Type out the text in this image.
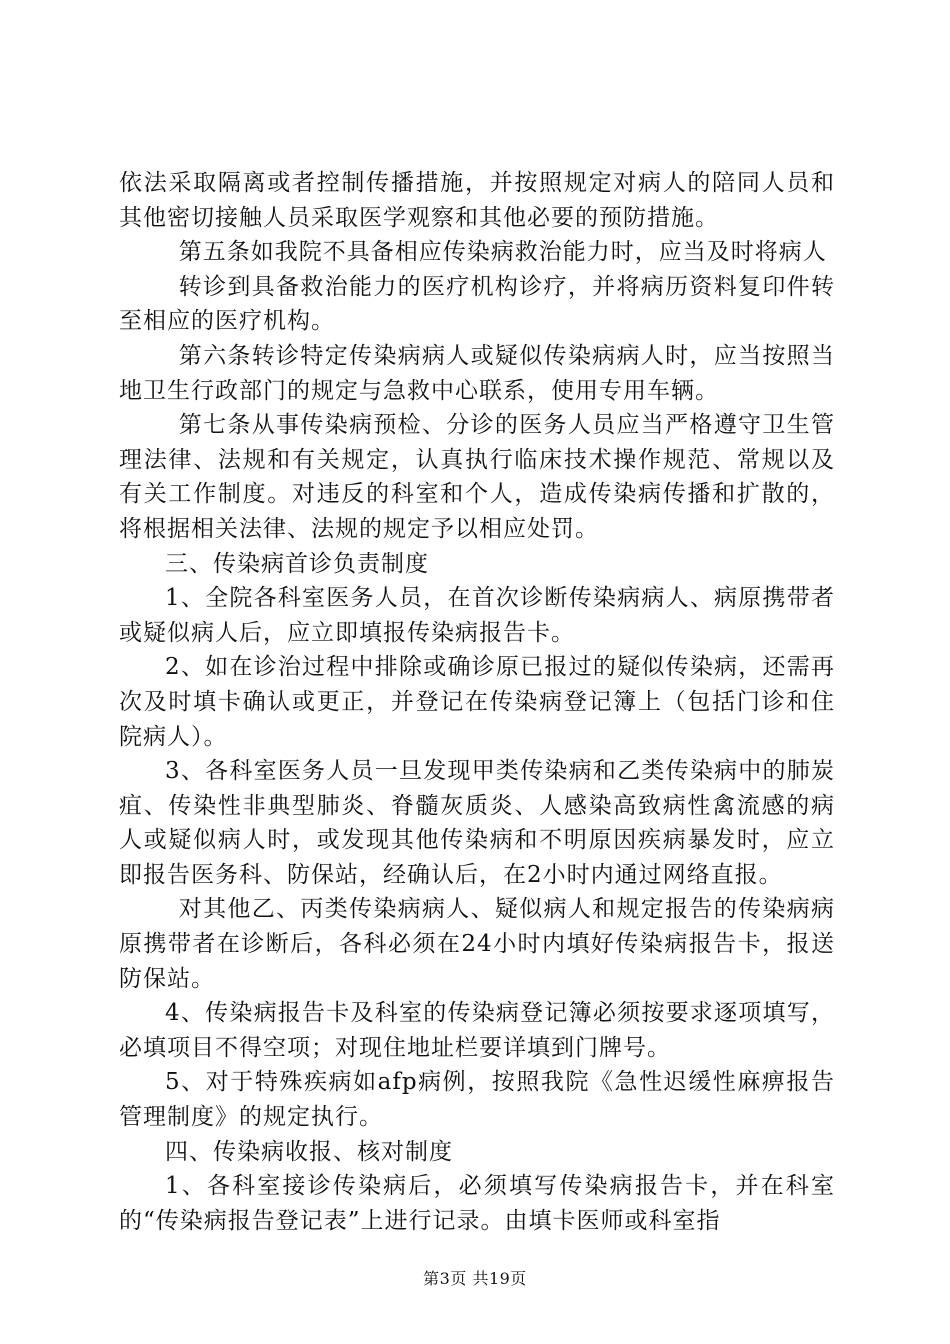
依法采取隔离或者控制传播措施，并按照规定对病人的陪同人员和其他密切接触人员采取医学观察和其他必要的预防措施。

第五条如我院不具备相应传染病救治能力时，应当及时将病人

转诊到具备救治能力的医疗机构诊疗，并将病历资料复印件转至相应的医疗机构。

第六条转诊特定传染病病人或疑似传染病病人时，应当按照当地卫生行政部门的规定与急救中心联系，使用专用车辆。

第七条从事传染病预检、分诊的医务人员应当严格遵守卫生管理法律、法规和有关规定，认真执行临床技术操作规范、常规以及有关工作制度。对违反的科室和个人，造成传染病传播和扩散的，将根据相关法律、法规的规定予以相应处罚。

三、传染病首诊负责制度

1、全院各科室医务人员，在首次诊断传染病病人、病原携带者或疑似病人后，应立即填报传染病报告卡。

2、如在诊治过程中排除或确诊原已报过的疑似传染病，还需再次及时填卡确认或更正，并登记在传染病登记簿上（包括门诊和住院病人）。

3、各科室医务人员一旦发现甲类传染病和乙类传染病中的肺炭疽、传染性非典型肺炎、脊髓灰质炎、人感染高致病性禽流感的病人或疑似病人时，或发现其他传染病和不明原因疾病暴发时，应立即报告医务科、防保站，经确认后，在2小时内通过网络直报。

对其他乙、丙类传染病病人、疑似病人和规定报告的传染病病原携带者在诊断后，各科必须在24小时内填好传染病报告卡，报送防保站。

4、传染病报告卡及科室的传染病登记簿必须按要求逐项填写，必填项目不得空项；对现住地址栏要详填到门牌号。

5、对于特殊疾病如afp病例，按照我院《急性迟缓性麻痹报告管理制度》的规定执行。

四、传染病收报、核对制度

1、各科室接诊传染病后，必须填写传染病报告卡，并在科室的“传染病报告登记表”上进行记录。由填卡医师或科室指

第3页 共19页
